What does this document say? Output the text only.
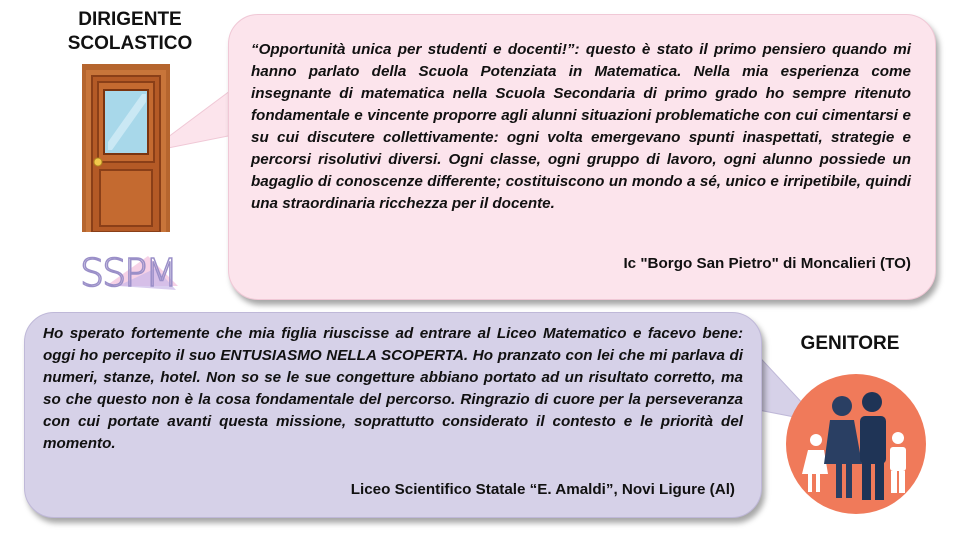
DIRIGENTE SCOLASTICO
SSPM

“Opportunità unica per studenti e docenti!”: questo è stato il primo pensiero quando mi hanno parlato della Scuola Potenziata in Matematica. Nella mia esperienza come insegnante di matematica nella Scuola Secondaria di primo grado ho sempre ritenuto fondamentale e vincente proporre agli alunni situazioni problematiche con cui cimentarsi e su cui discutere collettivamente: ogni volta emergevano spunti inaspettati, strategie e percorsi risolutivi diversi. Ogni classe, ogni gruppo di lavoro, ogni alunno possiede un bagaglio di conoscenze differente; costituiscono un mondo a sé, unico e irripetibile, quindi una straordinaria ricchezza per il docente.

Ic "Borgo San Pietro" di Moncalieri (TO)

Ho sperato fortemente che mia figlia riuscisse ad entrare al Liceo Matematico e facevo bene: oggi ho percepito il suo ENTUSIASMO NELLA SCOPERTA. Ho pranzato con lei che mi parlava di numeri, stanze, hotel. Non so se le sue congetture abbiano portato ad un risultato corretto, ma so che questo non è la cosa fondamentale del percorso. Ringrazio di cuore per la perseveranza con cui portate avanti questa missione, soprattutto considerato il contesto e le priorità del momento.

Liceo Scientifico Statale “E. Amaldi”, Novi Ligure (Al)

GENITORE
